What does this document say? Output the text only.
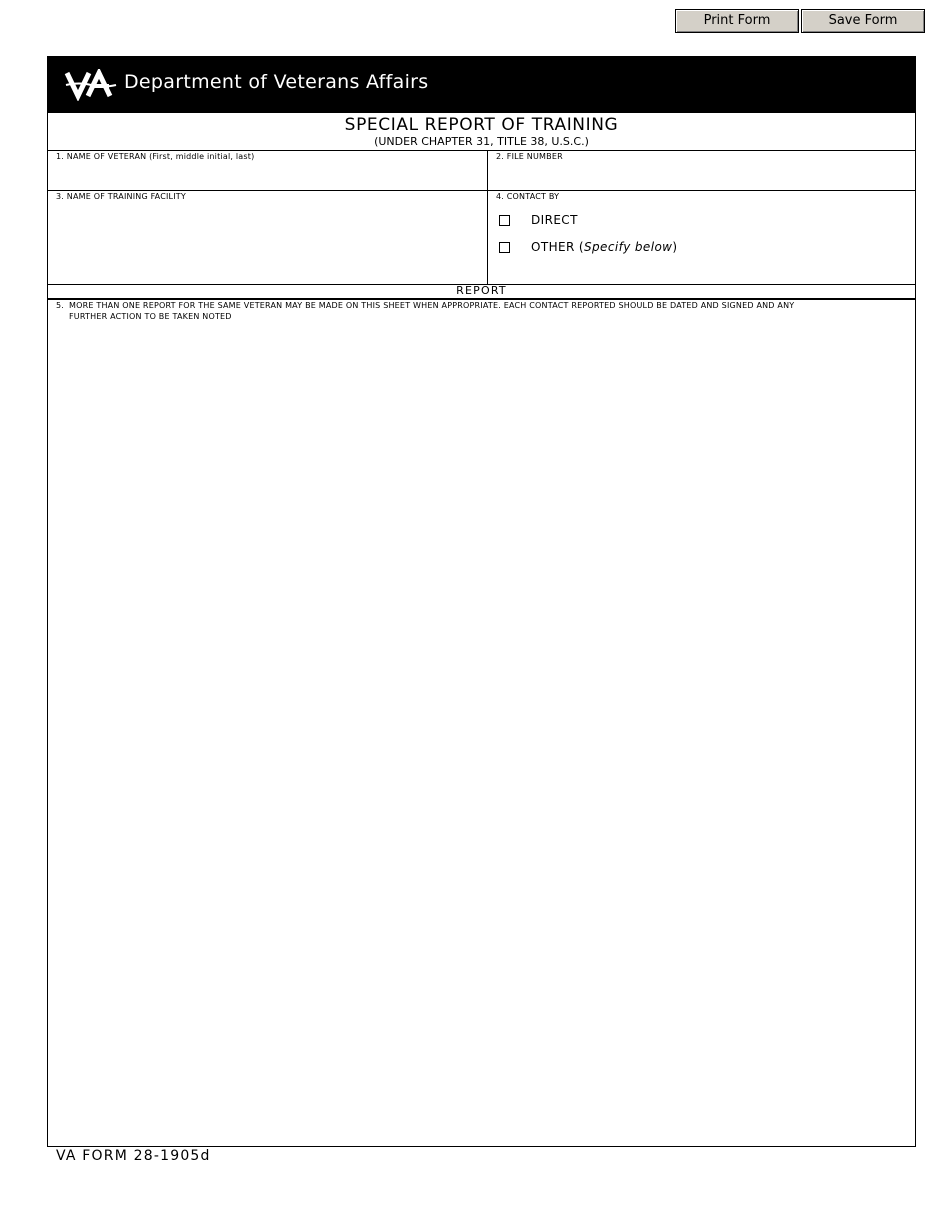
Print Form	Save Form
Department of Veterans Affairs
SPECIAL REPORT OF TRAINING
(UNDER CHAPTER 31, TITLE 38, U.S.C.)
1. NAME OF VETERAN (First, middle initial, last)	2. FILE NUMBER
3. NAME OF TRAINING FACILITY	4. CONTACT BY
DIRECT
OTHER (Specify below)
REPORT
5. MORE THAN ONE REPORT FOR THE SAME VETERAN MAY BE MADE ON THIS SHEET WHEN APPROPRIATE. EACH CONTACT REPORTED SHOULD BE DATED AND SIGNED AND ANY
FURTHER ACTION TO BE TAKEN NOTED
VA FORM 28-1905d
